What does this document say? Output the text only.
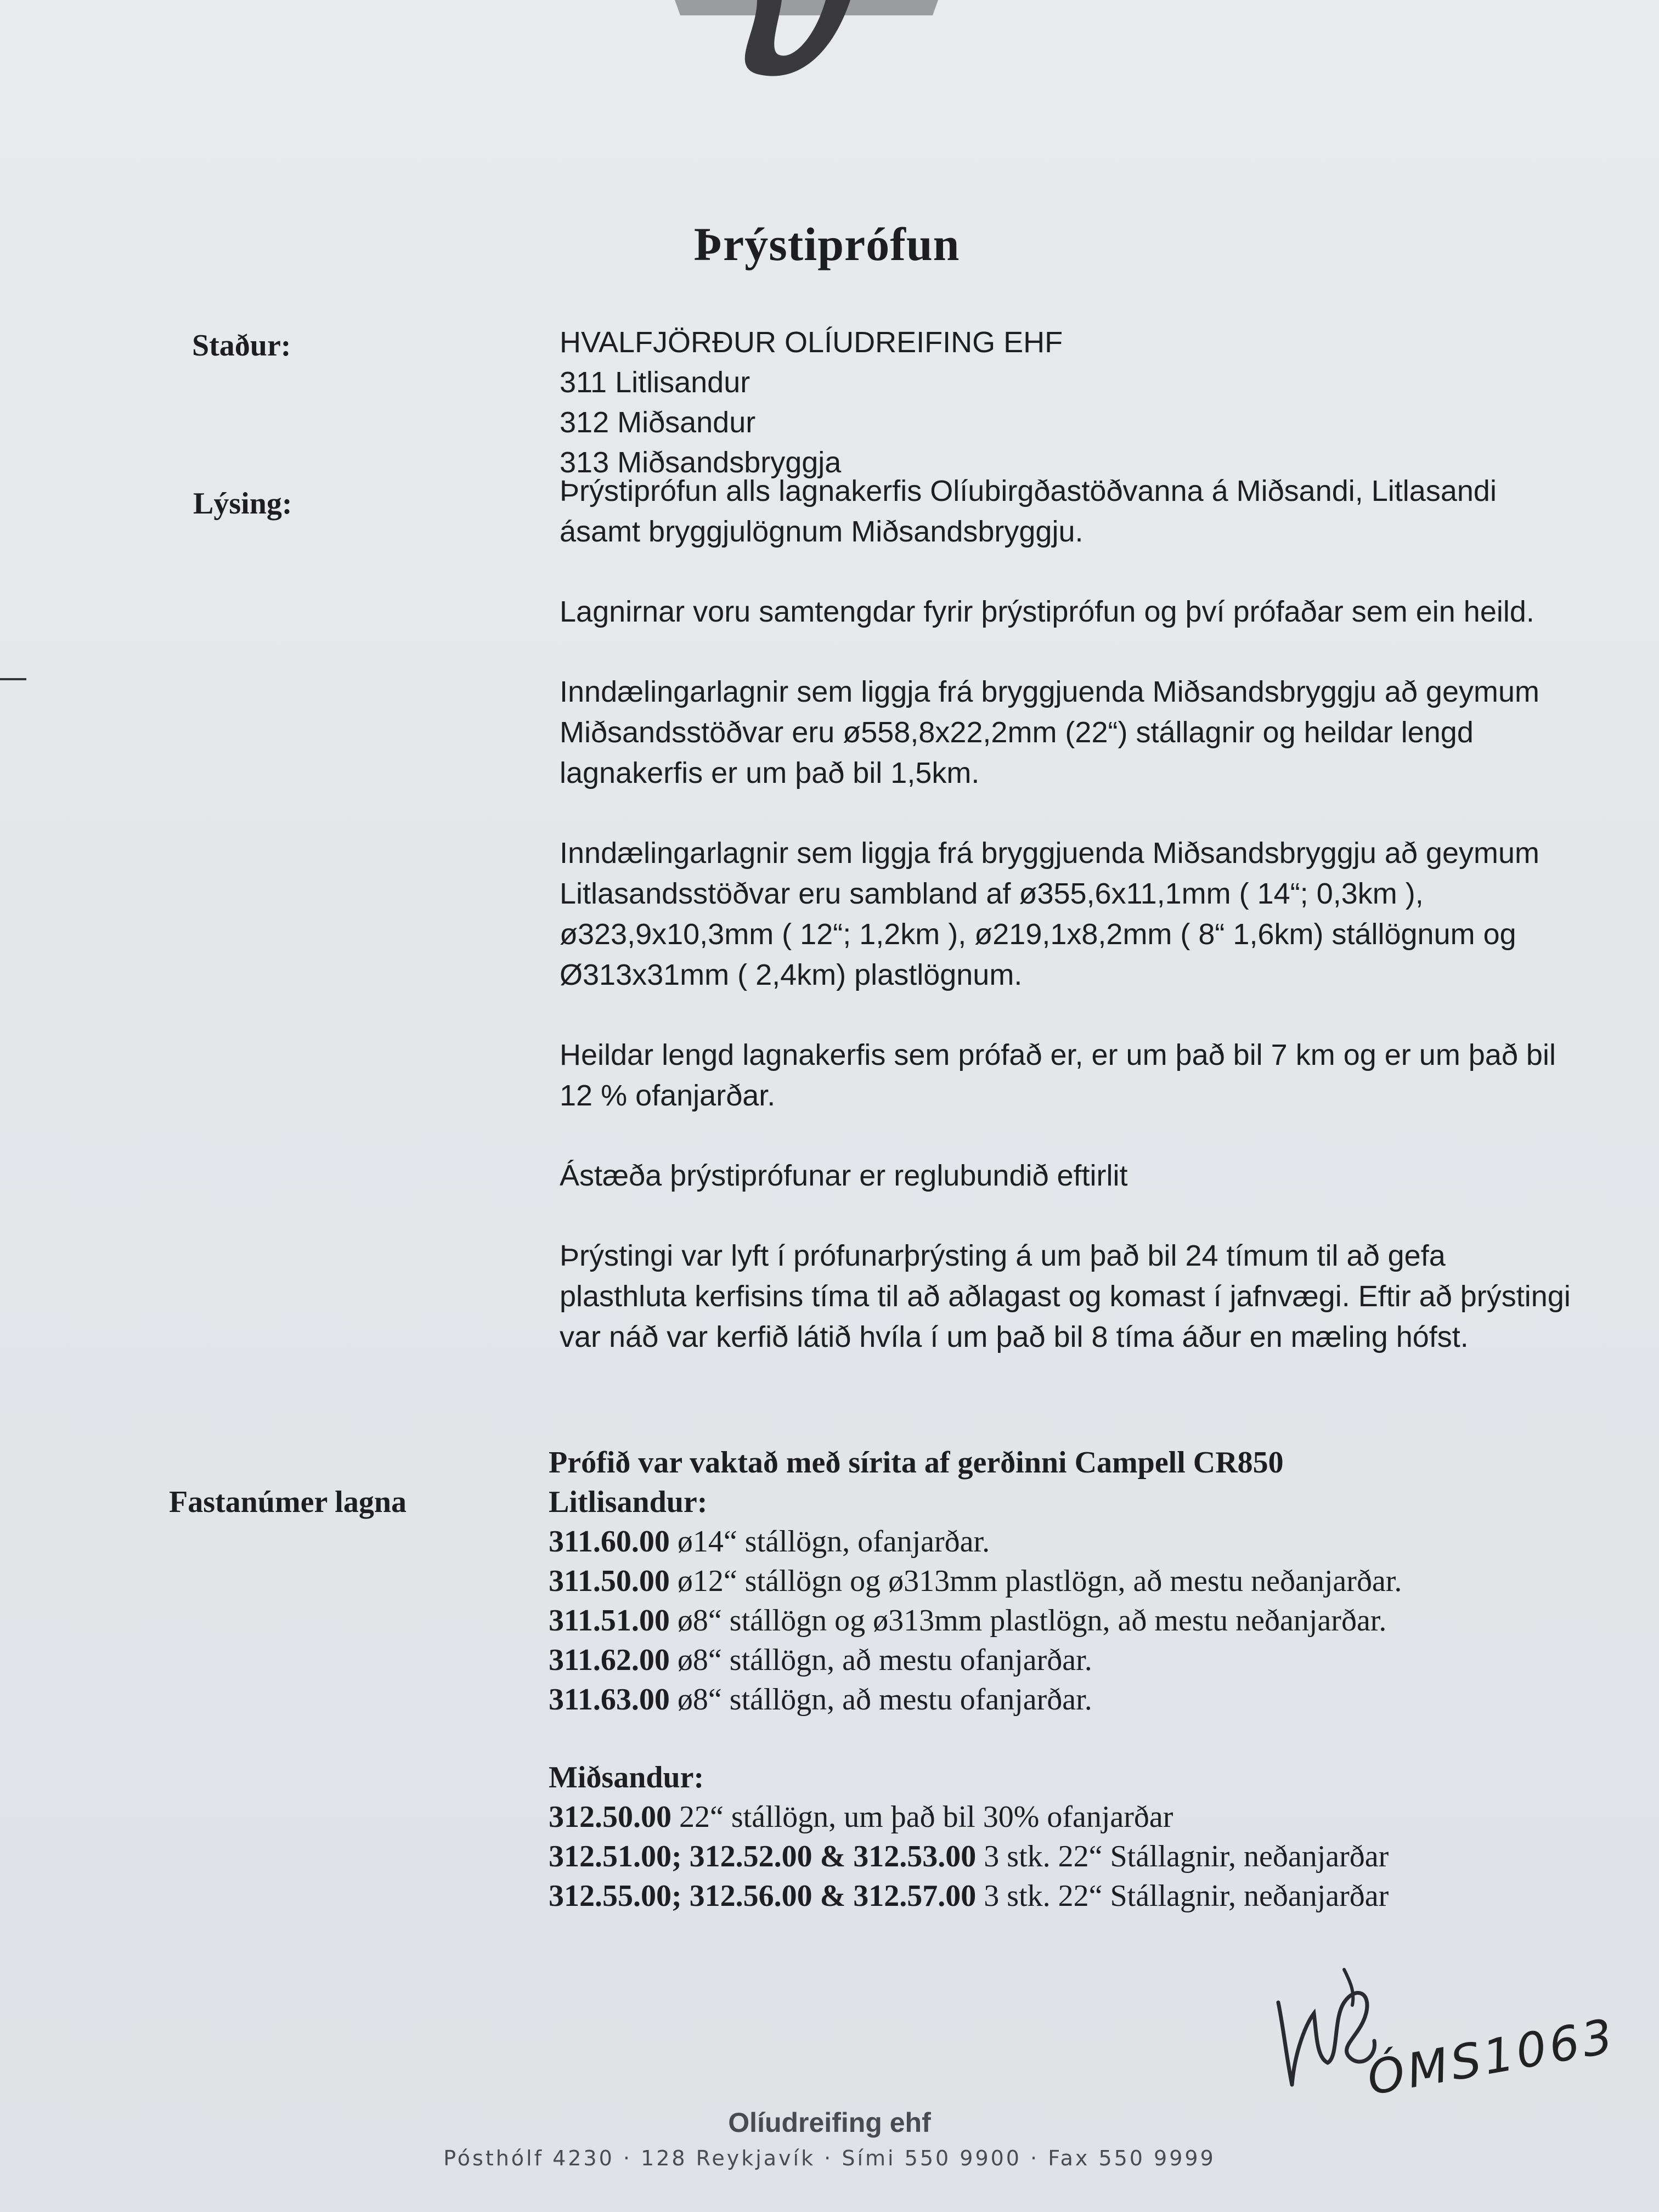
Þrýstiprófun
Staður:	HVALFJÖRÐUR OLÍUDREIFING EHF

311 Litlisandur

312 Miðsandur

313 Miðsandsbryggja

Lýsing:	Þrýstiprófun alls lagnakerfis Olíubirgðastöðvanna á Miðsandi, Litlasandi ásamt bryggjulögnum Miðsandsbryggju.

Lagnirnar voru samtengdar fyrir þrýstiprófun og því prófaðar sem ein heild.

Inndælingarlagnir sem liggja frá bryggjuenda Miðsandsbryggju að geymum Miðsandsstöðvar eru ø558,8x22,2mm (22“) stállagnir og heildar lengd lagnakerfis er um það bil 1,5km.

Inndælingarlagnir sem liggja frá bryggjuenda Miðsandsbryggju að geymum Litlasandsstöðvar eru sambland af ø355,6x11,1mm ( 14“; 0,3km ), ø323,9x10,3mm ( 12“; 1,2km ), ø219,1x8,2mm ( 8“ 1,6km) stállögnum og Ø313x31mm ( 2,4km) plastlögnum.

Heildar lengd lagnakerfis sem prófað er, er um það bil 7 km og er um það bil 12 % ofanjarðar.

Ástæða þrýstiprófunar er reglubundið eftirlit

Þrýstingi var lyft í prófunarþrýsting á um það bil 24 tímum til að gefa plasthluta kerfisins tíma til að aðlagast og komast í jafnvægi. Eftir að þrýstingi var náð var kerfið látið hvíla í um það bil 8 tíma áður en mæling hófst.

Fastanúmer lagna

Prófið var vaktað með sírita af gerðinni Campell CR850

Litlisandur:

311.60.00 ø14“ stállögn, ofanjarðar.

311.50.00 ø12“ stállögn og ø313mm plastlögn, að mestu neðanjarðar.

311.51.00 ø8“ stállögn og ø313mm plastlögn, að mestu neðanjarðar.

311.62.00 ø8“ stállögn, að mestu ofanjarðar.

311.63.00 ø8“ stállögn, að mestu ofanjarðar.

Miðsandur:

312.50.00 22“ stállögn, um það bil 30% ofanjarðar

312.51.00; 312.52.00 & 312.53.00 3 stk. 22“ Stállagnir, neðanjarðar

312.55.00; 312.56.00 & 312.57.00 3 stk. 22“ Stállagnir, neðanjarðar

ÓMS1063
Olíudreifing ehf
Pósthólf 4230 · 128 Reykjavík · Sími 550 9900 · Fax 550 9999
